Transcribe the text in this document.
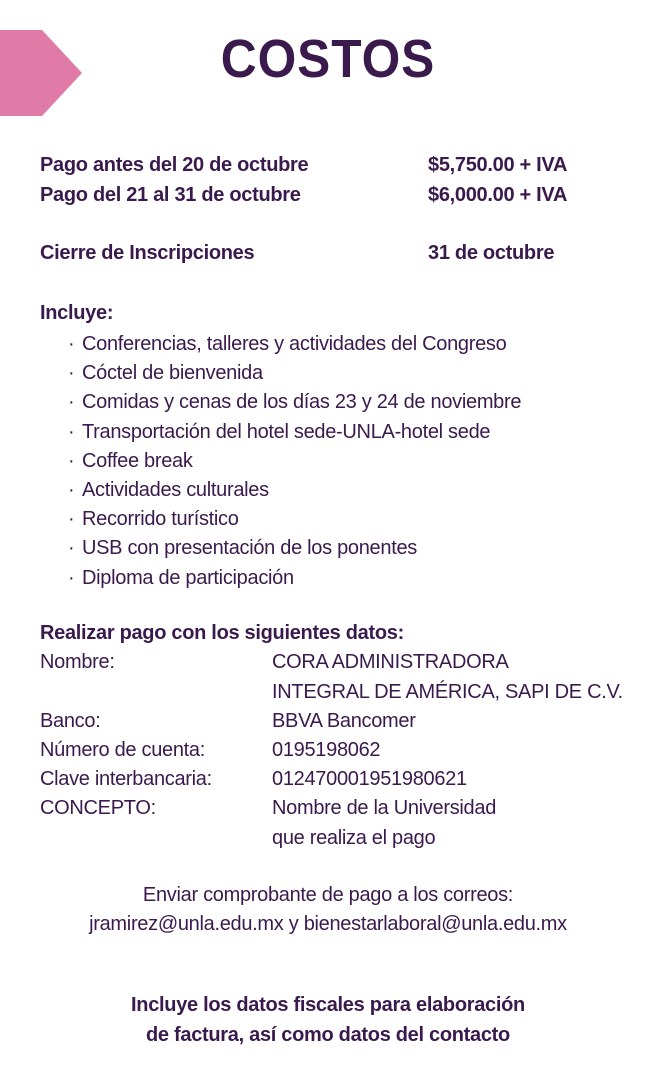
COSTOS
Pago antes del 20 de octubre	$5,750.00 + IVA
Pago del 21 al 31 de octubre	$6,000.00 + IVA
Cierre de Inscripciones	31 de octubre
Incluye:
· Conferencias, talleres y actividades del Congreso
· Cóctel de bienvenida
· Comidas y cenas de los días 23 y 24 de noviembre
· Transportación del hotel sede-UNLA-hotel sede
· Coffee break
· Actividades culturales
· Recorrido turístico
· USB con presentación de los ponentes
· Diploma de participación
Realizar pago con los siguientes datos:
Nombre:	CORA ADMINISTRADORA
INTEGRAL DE AMÉRICA, SAPI DE C.V.
Banco:	BBVA Bancomer
Número de cuenta:	0195198062
Clave interbancaria:	012470001951980621
CONCEPTO:	Nombre de la Universidad
que realiza el pago
Enviar comprobante de pago a los correos:
jramirez@unla.edu.mx y bienestarlaboral@unla.edu.mx
Incluye los datos fiscales para elaboración
de factura, así como datos del contacto
